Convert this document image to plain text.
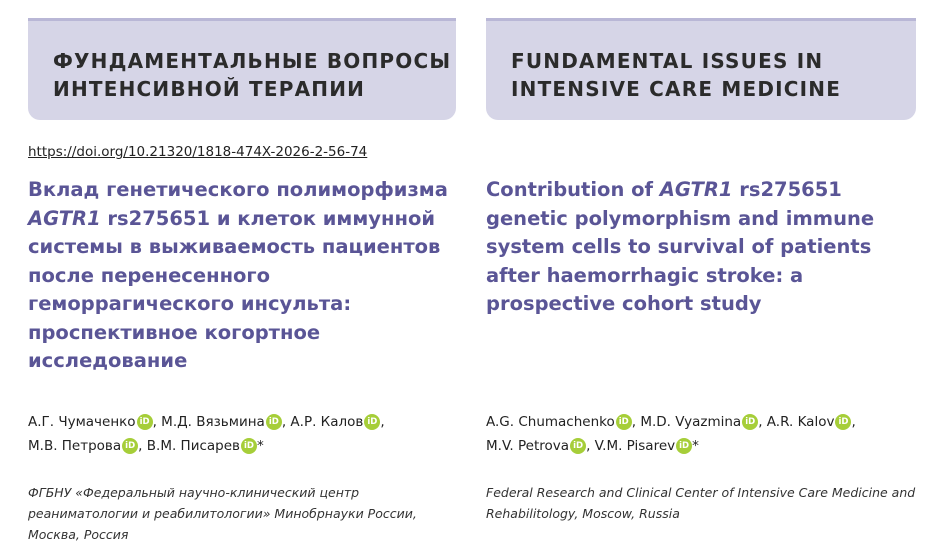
ФУНДАМЕНТАЛЬНЫЕ ВОПРОСЫ
ИНТЕНСИВНОЙ ТЕРАПИИ

https://doi.org/10.21320/1818-474X-2026-2-56-74
Вклад генетического полиморфизма AGTR1 rs275651 и клеток иммунной системы в выживаемость пациентов после перенесенного геморрагического инсульта: проспективное когортное исследование
А.Г. Чумаченко iD , М.Д. Вязьмина iD , А.Р. Калов iD ,
М.В. Петрова iD , В.М. Писарев iD *
ФГБНУ «Федеральный научно-клинический центр реаниматологии и реабилитологии» Минобрнауки России, Москва, Россия

FUNDAMENTAL ISSUES IN
INTENSIVE CARE MEDICINE

Contribution of AGTR1 rs275651 genetic polymorphism and immune system cells to survival of patients after haemorrhagic stroke: a prospective cohort study
A.G. Chumachenko iD , M.D. Vyazmina iD , A.R. Kalov iD ,
M.V. Petrova iD , V.M. Pisarev iD *
Federal Research and Clinical Center of Intensive Care Medicine and Rehabilitology, Moscow, Russia
